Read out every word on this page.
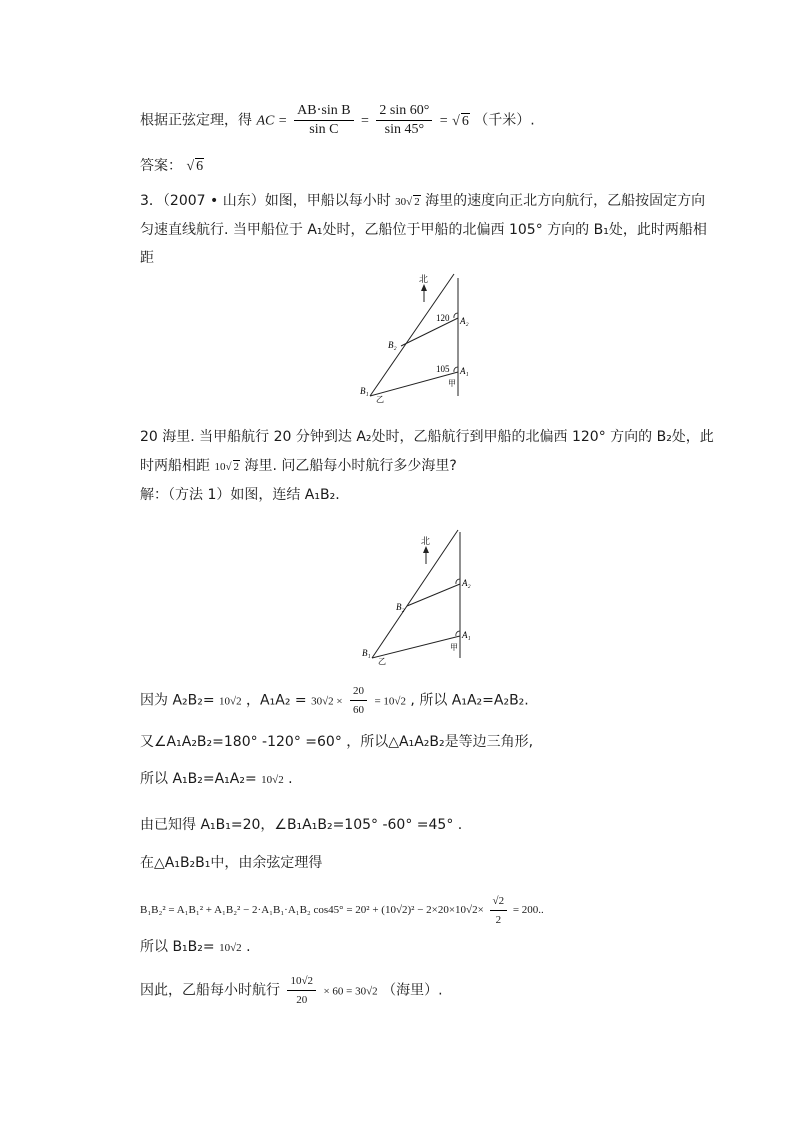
根据正弦定理，得 AC = $\frac{\text{AB⋅sin B}}{\text{sin C}} = \frac{2 \sin 60^\circ}{\sin 45^\circ}$ = √ 6 （千米）.
答案： √ 6
3．（2007 • 山东）如图，甲船以每小时 30√ 2 海里的速度向正北方向航行，乙船按固定方向
匀速直线航行. 当甲船位于 A₁处时，乙船位于甲船的北偏西 105° 方向的 B₁处，此时两船相
距
北
120
105
A₂
A₁
B₂
B₁
甲
乙
20 海里. 当甲船航行 20 分钟到达 A₂处时，乙船航行到甲船的北偏西 120° 方向的 B₂处，此
时两船相距 10√ 2 海里. 问乙船每小时航行多少海里?
解：（方法 1）如图，连结 A₁B₂.
北
A₂
A₁
B₂
B₁
甲
乙
因为 A₂B₂= 10√2 ，$A_1A_2 = 30√2 \times \frac{20}{60} = 10√2$ , 所以 A₁A₂=A₂B₂.
又∠A₁A₂B₂=180° -120° =60° ，所以△A₁A₂B₂是等边三角形,
所以 A₁B₂=A₁A₂= 10√2 .
由已知得 A₁B₁=20，∠B₁A₁B₂=105° -60° =45° .
在△A₁B₂B₁中，由余弦定理得
B₁B₂² = A₁B₁² + A₁B₂² − 2·A₁B₁·A₁B₂ $\cos 45^\circ = 20^2 + (10√2)^2 - 2\times 20\times 10√2\times \frac{√2}{2} = 200$..
所以 B₁B₂= 10√2 .
因此，乙船每小时航行 $\frac{10√2}{20} \times 60 = 30√2$ （海里）.
